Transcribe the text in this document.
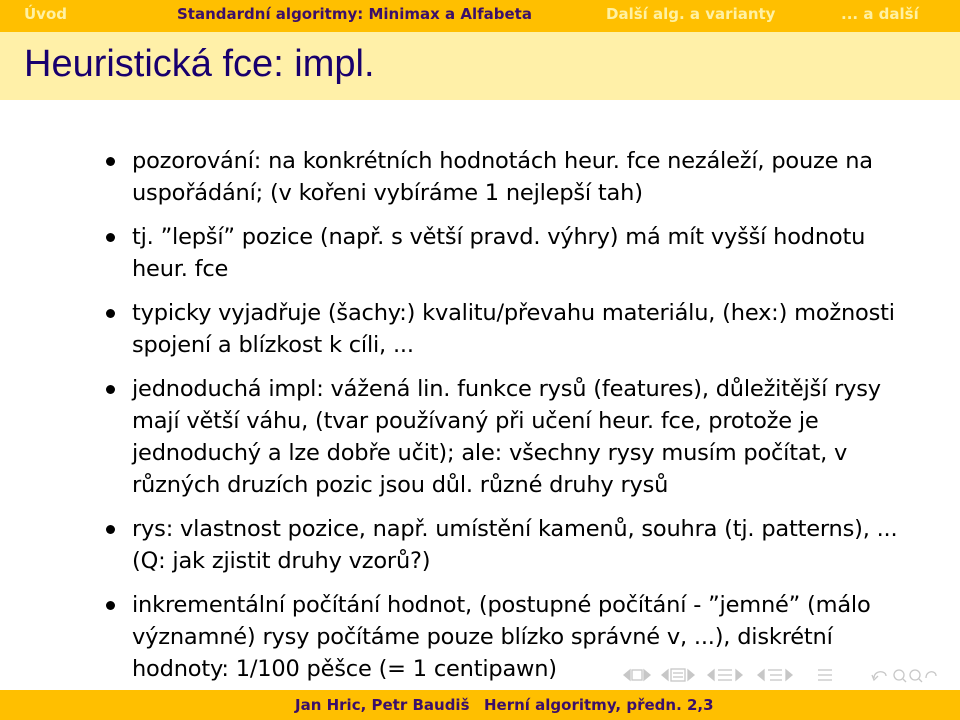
Úvod	Standardní algoritmy: Minimax a Alfabeta	Další alg. a varianty	... a další
Heuristická fce: impl.
pozorování: na konkrétních hodnotách heur. fce nezáleží, pouze na uspořádání; (v kořeni vybíráme 1 nejlepší tah)
tj. ”lepší” pozice (např. s větší pravd. výhry) má mít vyšší hodnotu heur. fce
typicky vyjadřuje (šachy:) kvalitu/převahu materiálu, (hex:) možnosti spojení a blízkost k cíli, ...
jednoduchá impl: vážená lin. funkce rysů (features), důležitější rysy mají větší váhu, (tvar používaný při učení heur. fce, protože je jednoduchý a lze dobře učit); ale: všechny rysy musím počítat, v různých druzích pozic jsou důl. různé druhy rysů
rys: vlastnost pozice, např. umístění kamenů, souhra (tj. patterns), ... (Q: jak zjistit druhy vzorů?)
inkrementální počítání hodnot, (postupné počítání - ”jemné” (málo významné) rysy počítáme pouze blízko správné v, ...), diskrétní hodnoty: 1/100 pěšce (= 1 centipawn)
Jan Hric, Petr Baudiš Herní algoritmy, předn. 2,3
